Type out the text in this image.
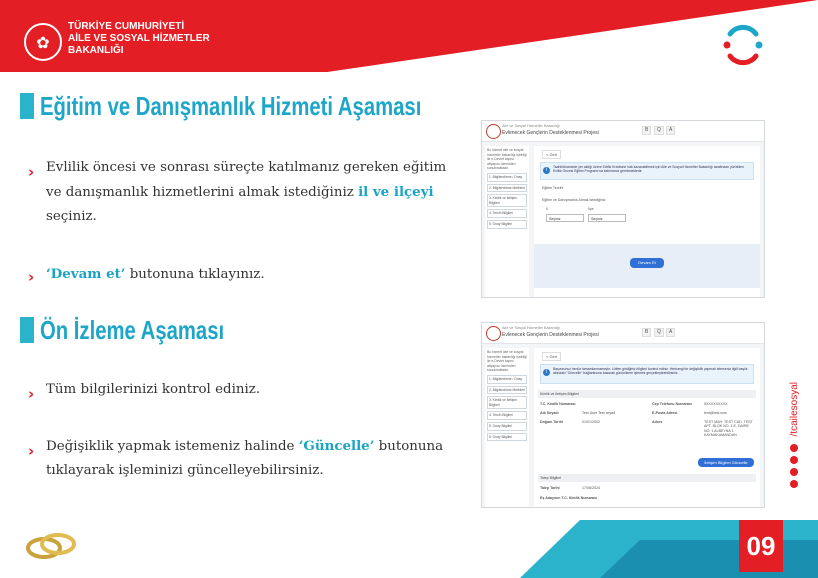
✿
TÜRKİYE CUMHURİYETİ
AİLE VE SOSYAL HİZMETLER
BAKANLIĞI
Eğitim ve Danışmanlık Hizmeti Aşaması
› Evlilik öncesi ve sonrası süreçte katılmanız gereken eğitim ve danışmanlık hizmetlerini almak istediğiniz il ve ilçeyi seçiniz.
› ‘Devam et’ butonuna tıklayınız.
Ön İzleme Aşaması
› Tüm bilgilerinizi kontrol ediniz.
› Değişiklik yapmak istemeniz halinde ‘Güncelle’ butonuna tıklayarak işleminizi güncelleyebilirsiniz.
Aile ve Sosyal Hizmetler Bakanlığı
Evlenecek Gençlerin Desteklenmesi Projesi	B	Q	A
Bu hizmet aile ve sosyal hizmetler bakanlığı işbirliği ile e-Devlet kapısı altyapısı üzerinden sunulmaktadır.
1. Bilgilendirme / Onay
2. Bilgilendirme Metinleri
3. Kimlik ve İletişim Bilgileri
4. Tercih Bilgileri
5. Onay Bilgileri
< Geri
i	Taahhütnamede yer aldığı üzere Evlilik Kredisine hak kazanabilmek için Aile ve Sosyal Hizmetler Bakanlığı tarafından yürütülen Evlilik Öncesi Eğitim Programı'na katılmanız gerekmektedir.
Eğitim Tercihi
Eğitim ve Danışmanlık Almak İstediğiniz
İl	İlçe
Seçiniz	Seçiniz
Devam Et
Aile ve Sosyal Hizmetler Bakanlığı
Evlenecek Gençlerin Desteklenmesi Projesi	B	Q	A
Bu hizmet aile ve sosyal hizmetler bakanlığı işbirliği ile e-Devlet kapısı altyapısı üzerinden sunulmaktadır.
1. Bilgilendirme / Onay
2. Bilgilendirme Metinleri
3. Kimlik ve İletişim Bilgileri
4. Tercih Bilgileri
5. Onay Bilgileri
6. Onay Bilgileri
< Geri
i	Başvurunuz henüz tamamlanmamıştır. Lütfen girdiğiniz bilgileri kontrol ediniz. Herhangi bir değişiklik yapmak isterseniz ilgili başlık altındaki "Güncelle" bağlantısına basarak güncelleme işlemini gerçekleştirebilirsiniz.
Kimlik ve İletişim Bilgileri
T.C. Kimlik Numarası	Cep Telefonu Numarası	5XXXXXXXXX
Adı Soyadı	Test User Test seyad	E-Posta Adresi	test@test.com
Doğum Tarihi	01/01/2002	Adres	TEST MAH. TEST CAD. TEST APT. BLOK NO. 1 E, DAİRE NO: 1 ALBEYNA 1 KAYMAKAMANDAN
İletişim Bilgileri Güncelle
Talep Bilgileri
Talep Tarihi	17/06/2024
Eş Adayının T.C. Kimlik Numarası
/tcailesosyal
09
